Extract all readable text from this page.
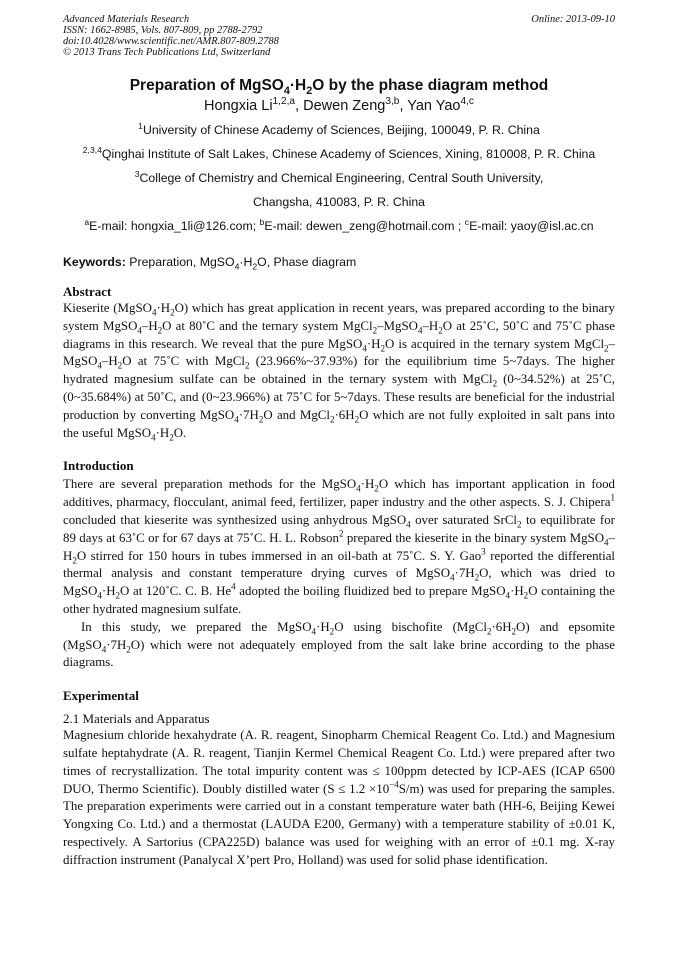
Advanced Materials Research
ISSN: 1662-8985, Vols. 807-809, pp 2788-2792
doi:10.4028/www.scientific.net/AMR.807-809.2788
© 2013 Trans Tech Publications Ltd, Switzerland
Online: 2013-09-10
Preparation of $MgSO_4\cdot H_2O$ by the phase diagram method
Hongxia Li$^{1,2,a}$, Dewen Zeng$^{3,b}$, Yan Yao$^{4,c}$
$^1$University of Chinese Academy of Sciences, Beijing, 100049, P. R. China
$^{2,3,4}$Qinghai Institute of Salt Lakes, Chinese Academy of Sciences, Xining, 810008, P. R. China
$^3$College of Chemistry and Chemical Engineering, Central South University,
Changsha, 410083, P. R. China
$^a$E-mail: hongxia_1li@126.com; $^b$E-mail: dewen_zeng@hotmail.com ; $^c$E-mail: yaoy@isl.ac.cn
Keywords: Preparation, $MgSO_4\cdot H_2O$, Phase diagram
Abstract

Kieserite $(MgSO_4\cdot H_2O)$ which has great application in recent years, was prepared according to the binary system $MgSO_4-H_2O$ at 80˚C and the ternary system $MgCl_2-MgSO_4-H_2O$ at 25˚C, 50˚C and 75˚C phase diagrams in this research. We reveal that the pure $MgSO_4\cdot H_2O$ is acquired in the ternary system $MgCl_2-MgSO_4-H_2O$ at 75˚C with MgCl$_2$ (23.966%~37.93%) for the equilibrium time 5~7days. The higher hydrated magnesium sulfate can be obtained in the ternary system with MgCl$_2$ (0~34.52%) at 25˚C, (0~35.684%) at 50˚C, and (0~23.966%) at 75˚C for 5~7days. These results are beneficial for the industrial production by converting $MgSO_4\cdot 7H_2O$ and $MgCl_2\cdot 6H_2O$ which are not fully exploited in salt pans into the useful $MgSO_4\cdot H_2O$.

Introduction

There are several preparation methods for the $MgSO_4\cdot H_2O$ which has important application in food additives, pharmacy, flocculant, animal feed, fertilizer, paper industry and the other aspects. S. J. Chipera$^1$ concluded that kieserite was synthesized using anhydrous MgSO$_4$ over saturated SrCl$_2$ to equilibrate for 89 days at 63˚C or for 67 days at 75˚C. H. L. Robson$^2$ prepared the kieserite in the binary system $MgSO_4-H_2O$ stirred for 150 hours in tubes immersed in an oil-bath at 75˚C. S. Y. Gao$^3$ reported the differential thermal analysis and constant temperature drying curves of $MgSO_4\cdot 7H_2O$, which was dried to $MgSO_4\cdot H_2O$ at 120˚C. C. B. He$^4$ adopted the boiling fluidized bed to prepare $MgSO_4\cdot H_2O$ containing the other hydrated magnesium sulfate.

In this study, we prepared the $MgSO_4\cdot H_2O$ using bischofite $(MgCl_2\cdot 6H_2O)$ and epsomite $(MgSO_4\cdot 7H_2O)$ which were not adequately employed from the salt lake brine according to the phase diagrams.

Experimental
2.1 Materials and Apparatus

Magnesium chloride hexahydrate (A. R. reagent, Sinopharm Chemical Reagent Co. Ltd.) and Magnesium sulfate heptahydrate (A. R. reagent, Tianjin Kermel Chemical Reagent Co. Ltd.) were prepared after two times of recrystallization. The total impurity content was ≤ 100ppm detected by ICP-AES (ICAP 6500 DUO, Thermo Scientific). Doubly distilled water $(S \le 1.2 \times 10^{-4}S/m)$ was used for preparing the samples. The preparation experiments were carried out in a constant temperature water bath (HH-6, Beijing Kewei Yongxing Co. Ltd.) and a thermostat (LAUDA E200, Germany) with a temperature stability of ±0.01 K, respectively. A Sartorius (CPA225D) balance was used for weighing with an error of ±0.1 mg. X-ray diffraction instrument (Panalycal X’pert Pro, Holland) was used for solid phase identification.
